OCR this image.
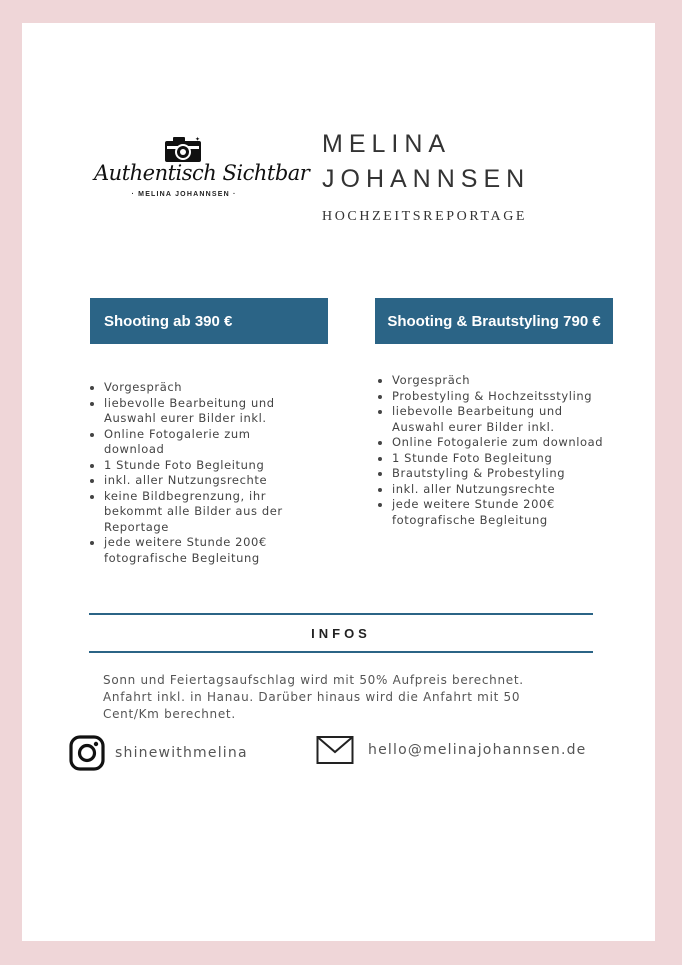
✦
Authentisch Sichtbar
· MELINA JOHANNSEN ·
MELINA
JOHANNSEN
HOCHZEITSREPORTAGE
Shooting ab 390 €	Shooting & Brautstyling 790 €
• Vorgespräch
• liebevolle Bearbeitung und Auswahl eurer Bilder inkl.
• Online Fotogalerie zum download
• 1 Stunde Foto Begleitung
• inkl. aller Nutzungsrechte
• keine Bildbegrenzung, ihr bekommt alle Bilder aus der Reportage
• jede weitere Stunde 200€ fotografische Begleitung
• Vorgespräch
• Probestyling & Hochzeitsstyling
• liebevolle Bearbeitung und Auswahl eurer Bilder inkl.
• Online Fotogalerie zum download
• 1 Stunde Foto Begleitung
• Brautstyling & Probestyling
• inkl. aller Nutzungsrechte
• jede weitere Stunde 200€ fotografische Begleitung
INFOS
Sonn und Feiertagsaufschlag wird mit 50% Aufpreis berechnet. Anfahrt inkl. in Hanau. Darüber hinaus wird die Anfahrt mit 50 Cent/Km berechnet.
shinewithmelina	hello@melinajohannsen.de
